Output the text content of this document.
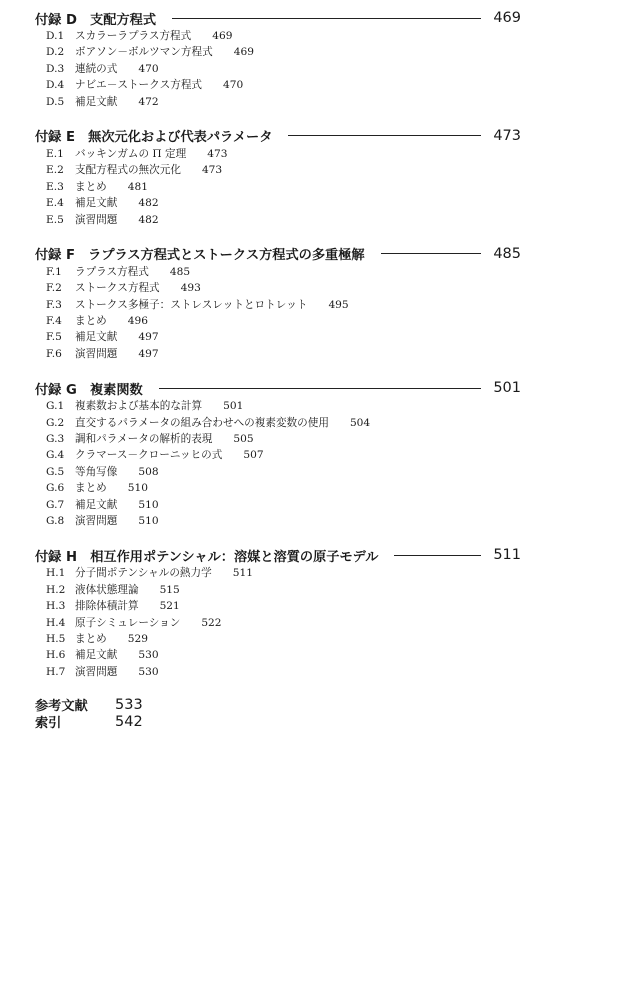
付録 D　支配方程式	469
D.1 スカラーラプラス方程式 469
D.2 ボアソン－ボルツマン方程式 469
D.3 連続の式 470
D.4 ナビエ－ストークス方程式 470
D.5 補足文献 472
付録 E　無次元化および代表パラメータ	473
E.1 バッキンガムの Π 定理 473
E.2 支配方程式の無次元化 473
E.3 まとめ 481
E.4 補足文献 482
E.5 演習問題 482
付録 F　ラプラス方程式とストークス方程式の多重極解	485
F.1 ラプラス方程式 485
F.2 ストークス方程式 493
F.3 ストークス多極子：ストレスレットとロトレット 495
F.4 まとめ 496
F.5 補足文献 497
F.6 演習問題 497
付録 G　複素関数	501
G.1 複素数および基本的な計算 501
G.2 直交するパラメータの組み合わせへの複素変数の使用 504
G.3 調和パラメータの解析的表現 505
G.4 クラマース－クローニッヒの式 507
G.5 等角写像 508
G.6 まとめ 510
G.7 補足文献 510
G.8 演習問題 510
付録 H　相互作用ポテンシャル：溶媒と溶質の原子モデル	511
H.1 分子間ポテンシャルの熱力学 511
H.2 液体状態理論 515
H.3 排除体積計算 521
H.4 原子シミュレーション 522
H.5 まとめ 529
H.6 補足文献 530
H.7 演習問題 530
参考文献	533
索引	542
